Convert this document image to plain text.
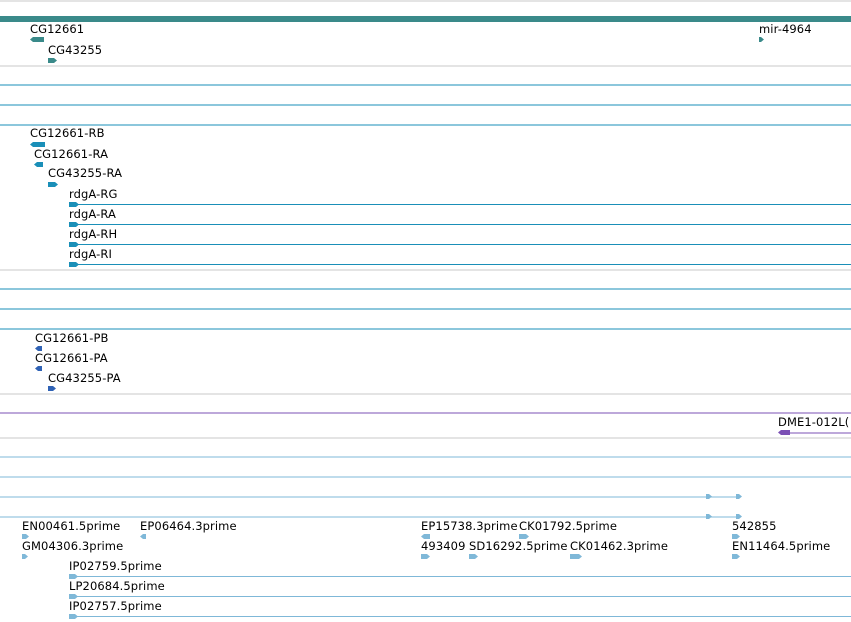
CG12661
CG43255
mir-4964
CG12661-RB
CG12661-RA
CG43255-RA
rdgA-RG
rdgA-RA
rdgA-RH
rdgA-RI
CG12661-PB
CG12661-PA
CG43255-PA
DME1-012L(
EN00461.5prime EP06464.3prime	EP15738.3prime CK01792.5prime	542855
GM04306.3prime	493409 SD16292.5prime CK01462.3prime	EN11464.5prime
IP02759.5prime
LP20684.5prime
IP02757.5prime
